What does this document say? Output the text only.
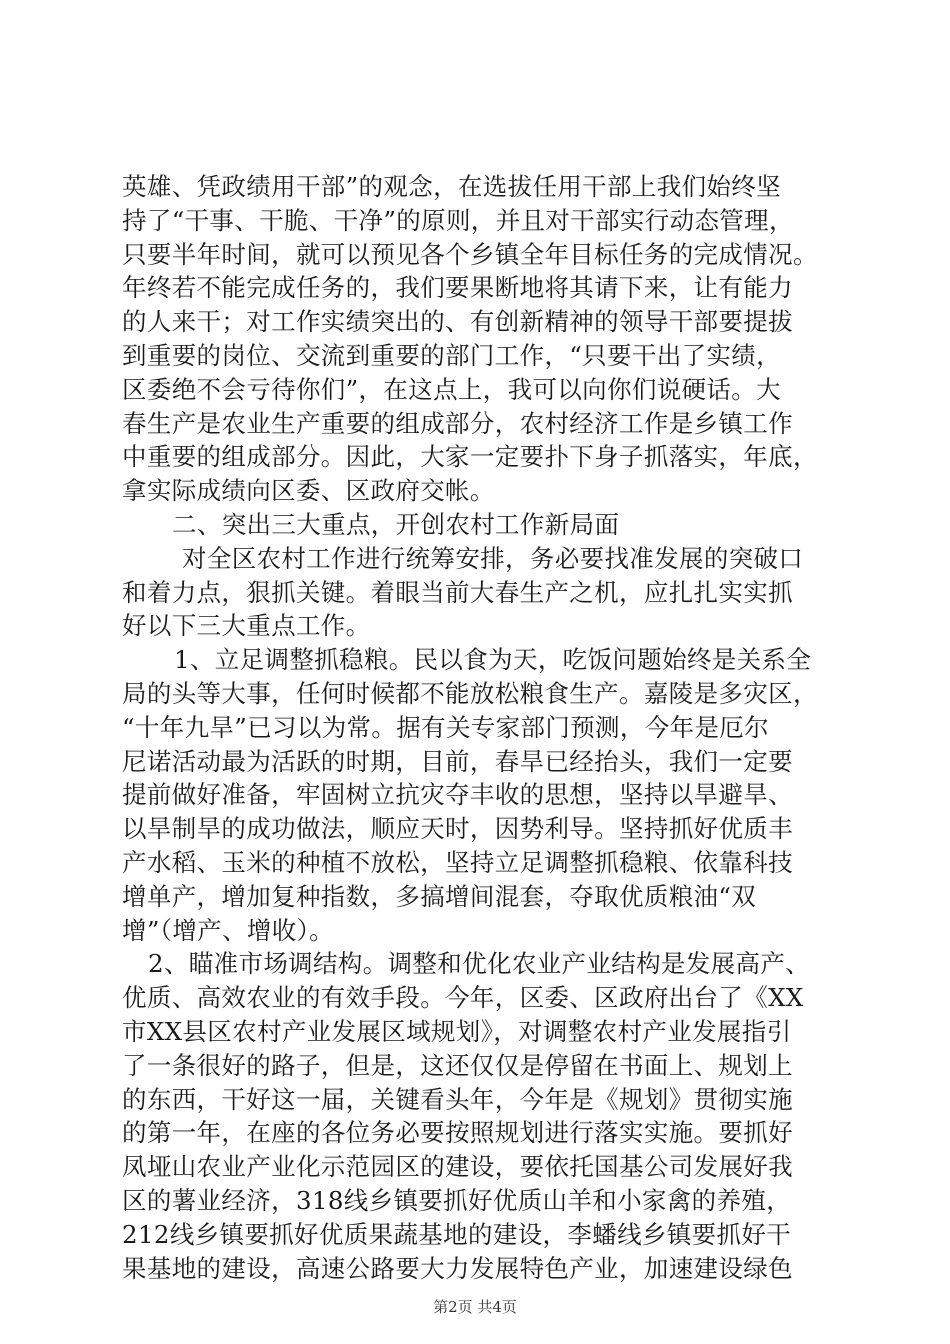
英雄、凭政绩用干部”的观念，在选拔任用干部上我们始终坚
持了“干事、干脆、干净”的原则，并且对干部实行动态管理，
只要半年时间，就可以预见各个乡镇全年目标任务的完成情况。
年终若不能完成任务的，我们要果断地将其请下来，让有能力
的人来干；对工作实绩突出的、有创新精神的领导干部要提拔
到重要的岗位、交流到重要的部门工作，“只要干出了实绩，
区委绝不会亏待你们”，在这点上，我可以向你们说硬话。大
春生产是农业生产重要的组成部分，农村经济工作是乡镇工作
中重要的组成部分。因此，大家一定要扑下身子抓落实，年底，
拿实际成绩向区委、区政府交帐。
二、突出三大重点，开创农村工作新局面
对全区农村工作进行统筹安排，务必要找准发展的突破口
和着力点，狠抓关键。着眼当前大春生产之机，应扎扎实实抓
好以下三大重点工作。
1、立足调整抓稳粮。民以食为天，吃饭问题始终是关系全
局的头等大事，任何时候都不能放松粮食生产。嘉陵是多灾区，
“十年九旱”已习以为常。据有关专家部门预测，今年是厄尔
尼诺活动最为活跃的时期，目前，春旱已经抬头，我们一定要
提前做好准备，牢固树立抗灾夺丰收的思想，坚持以旱避旱、
以旱制旱的成功做法，顺应天时，因势利导。坚持抓好优质丰
产水稻、玉米的种植不放松，坚持立足调整抓稳粮、依靠科技
增单产，增加复种指数，多搞增间混套，夺取优质粮油“双
增”（增产、增收）。
2、瞄准市场调结构。调整和优化农业产业结构是发展高产、
优质、高效农业的有效手段。今年，区委、区政府出台了《XX
市XX县区农村产业发展区域规划》，对调整农村产业发展指引
了一条很好的路子，但是，这还仅仅是停留在书面上、规划上
的东西，干好这一届，关键看头年，今年是《规划》贯彻实施
的第一年，在座的各位务必要按照规划进行落实实施。要抓好
凤垭山农业产业化示范园区的建设，要依托国基公司发展好我
区的薯业经济，318线乡镇要抓好优质山羊和小家禽的养殖，
212线乡镇要抓好优质果蔬基地的建设，李蟠线乡镇要抓好干
果基地的建设，高速公路要大力发展特色产业，加速建设绿色
第2页 共4页
